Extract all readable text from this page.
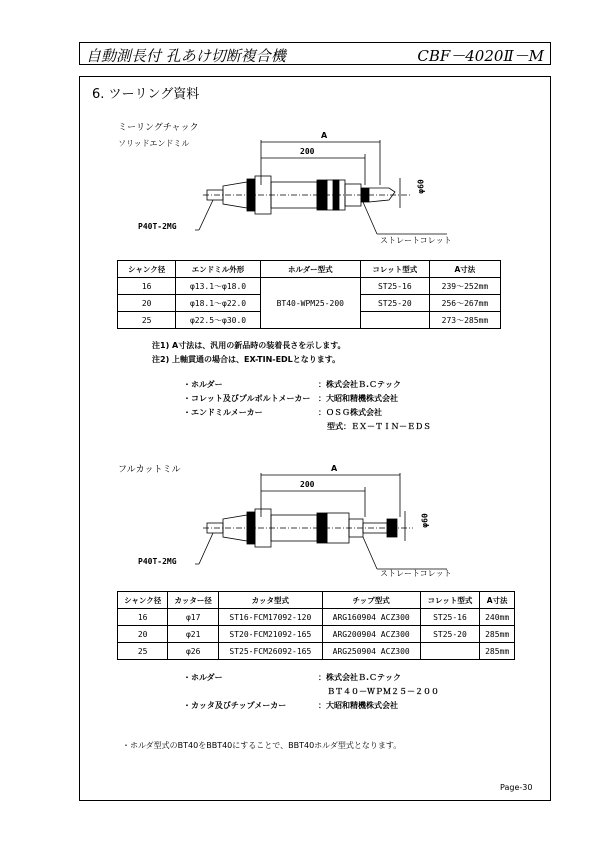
自動測長付 孔あけ切断複合機	CBF－4020Ⅱ－M
6. ツーリング資料
ミーリングチャック
ソリッドエンドミル
A
200
φ60
P40T-2MG
ストレートコレット
シャンク径	エンドミル外形	ホルダー型式	コレット型式	A寸法
16	φ13.1～φ18.0	BT40-WPM25-200	ST25-16	239～252mm
20	φ18.1～φ22.0		ST25-20	256～267mm
25	φ22.5～φ30.0			273～285mm
注1) A寸法は、汎用の新品時の装着長さを示します。
注2) 上軸貫通の場合は、EX-TIN-EDLとなります。
・ホルダー	：株式会社Ｂ.Ｃテック
・コレット及びプルボルトメーカー ：大昭和精機株式会社
・エンドミルメーカー	：ＯＳＧ株式会社
型式：ＥＸ－ＴＩＮ－ＥＤＳ
フルカットミル	A
200
φ60
P40T-2MG
ストレートコレット
シャンク径	カッター径	カッタ型式	チップ型式	コレット型式	A寸法
16	φ17	ST16-FCM17092-120	ARG160904 ACZ300	ST25-16	240mm
20	φ21	ST20-FCM21092-165	ARG200904 ACZ300	ST25-20	285mm
25	φ26	ST25-FCM26092-165	ARG250904 ACZ300		285mm
・ホルダー	：株式会社Ｂ.Ｃテック
ＢＴ４０－ＷＰＭ２５－２００
・カッタ及びチップメーカー	：大昭和精機株式会社
・ホルダ型式のBT40をBBT40にすることで、BBT40ホルダ型式となります。
Page-30
